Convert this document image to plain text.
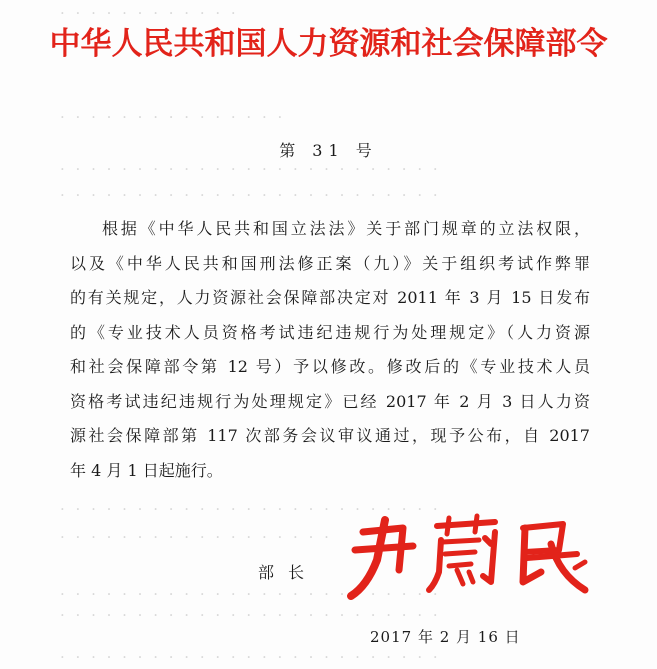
· · · · · · · · · · · ·
· · · · · · · · · · · · · · ·
· · · · · · · · · · · · · · · · · · · · · · · · ·
· · · · · · · · · · · · · · · · · · · · · · · · ·
· · · · · · · · · · · · · · · · · · · · · · · · ·
· · · · · · · · · · · · · · · · · ·
· · · · · · · · · · · · · · · · · · · · · · · · ·
· · · · · · · · · · · · · · · · · · · · · · · · ·
· · · · · · · · · · · · · · · · · · · · · · · · ·
中华人民共和国人力资源和社会保障部令
第 31 号
根据《中华人民共和国立法法》关于部门规章的立法权限，
以及《中华人民共和国刑法修正案（九）》关于组织考试作弊罪
的有关规定，人力资源社会保障部决定对 2011 年 3 月 15 日发布
的《专业技术人员资格考试违纪违规行为处理规定》（人力资源
和社会保障部令第 12 号）予以修改。修改后的《专业技术人员
资格考试违纪违规行为处理规定》已经 2017 年 2 月 3 日人力资
源社会保障部第 117 次部务会议审议通过，现予公布，自 2017
年 4 月 1 日起施行。
部长
2017 年 2 月 16 日
